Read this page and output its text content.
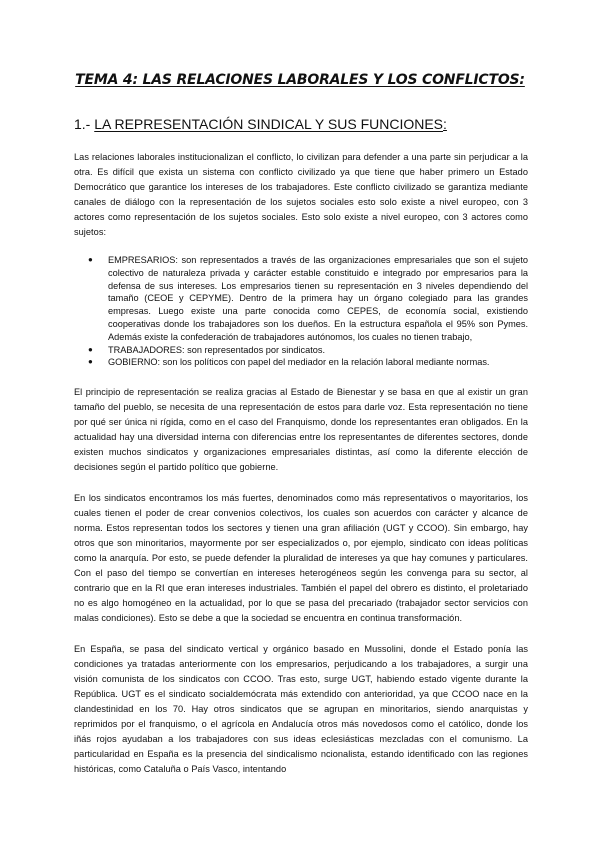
TEMA 4: LAS RELACIONES LABORALES Y LOS CONFLICTOS:
1.- LA REPRESENTACIÓN SINDICAL Y SUS FUNCIONES:

Las relaciones laborales institucionalizan el conflicto, lo civilizan para defender a una parte sin perjudicar a la otra. Es difícil que exista un sistema con conflicto civilizado ya que tiene que haber primero un Estado Democrático que garantice los intereses de los trabajadores. Este conflicto civilizado se garantiza mediante canales de diálogo con la representación de los sujetos sociales esto solo existe a nivel europeo, con 3 actores como representación de los sujetos sociales. Esto solo existe a nivel europeo, con 3 actores como sujetos:

● EMPRESARIOS: son representados a través de las organizaciones empresariales que son el sujeto colectivo de naturaleza privada y carácter estable constituido e integrado por empresarios para la defensa de sus intereses. Los empresarios tienen su representación en 3 niveles dependiendo del tamaño (CEOE y CEPYME). Dentro de la primera hay un órgano colegiado para las grandes empresas. Luego existe una parte conocida como CEPES, de economía social, existiendo cooperativas donde los trabajadores son los dueños. En la estructura española el 95% son Pymes. Además existe la confederación de trabajadores autónomos, los cuales no tienen trabajo,
● TRABAJADORES: son representados por sindicatos.
● GOBIERNO: son los políticos con papel del mediador en la relación laboral mediante normas.

El principio de representación se realiza gracias al Estado de Bienestar y se basa en que al existir un gran tamaño del pueblo, se necesita de una representación de estos para darle voz. Esta representación no tiene por qué ser única ni rígida, como en el caso del Franquismo, donde los representantes eran obligados. En la actualidad hay una diversidad interna con diferencias entre los representantes de diferentes sectores, donde existen muchos sindicatos y organizaciones empresariales distintas, así como la diferente elección de decisiones según el partido político que gobierne.

En los sindicatos encontramos los más fuertes, denominados como más representativos o mayoritarios, los cuales tienen el poder de crear convenios colectivos, los cuales son acuerdos con carácter y alcance de norma. Estos representan todos los sectores y tienen una gran afiliación (UGT y CCOO). Sin embargo, hay otros que son minoritarios, mayormente por ser especializados o, por ejemplo, sindicato con ideas políticas como la anarquía. Por esto, se puede defender la pluralidad de intereses ya que hay comunes y particulares. Con el paso del tiempo se convertían en intereses heterogéneos según les convenga para su sector, al contrario que en la RI que eran intereses industriales. También el papel del obrero es distinto, el proletariado no es algo homogéneo en la actualidad, por lo que se pasa del precariado (trabajador sector servicios con malas condiciones). Esto se debe a que la sociedad se encuentra en continua transformación.

En España, se pasa del sindicato vertical y orgánico basado en Mussolini, donde el Estado ponía las condiciones ya tratadas anteriormente con los empresarios, perjudicando a los trabajadores, a surgir una visión comunista de los sindicatos con CCOO. Tras esto, surge UGT, habiendo estado vigente durante la República. UGT es el sindicato socialdemócrata más extendido con anterioridad, ya que CCOO nace en la clandestinidad en los 70. Hay otros sindicatos que se agrupan en minoritarios, siendo anarquistas y reprimidos por el franquismo, o el agrícola en Andalucía otros más novedosos como el católico, donde los iñás rojos ayudaban a los trabajadores con sus ideas eclesiásticas mezcladas con el comunismo. La particularidad en España es la presencia del sindicalismo ncionalista, estando identificado con las regiones históricas, como Cataluña o País Vasco, intentando
